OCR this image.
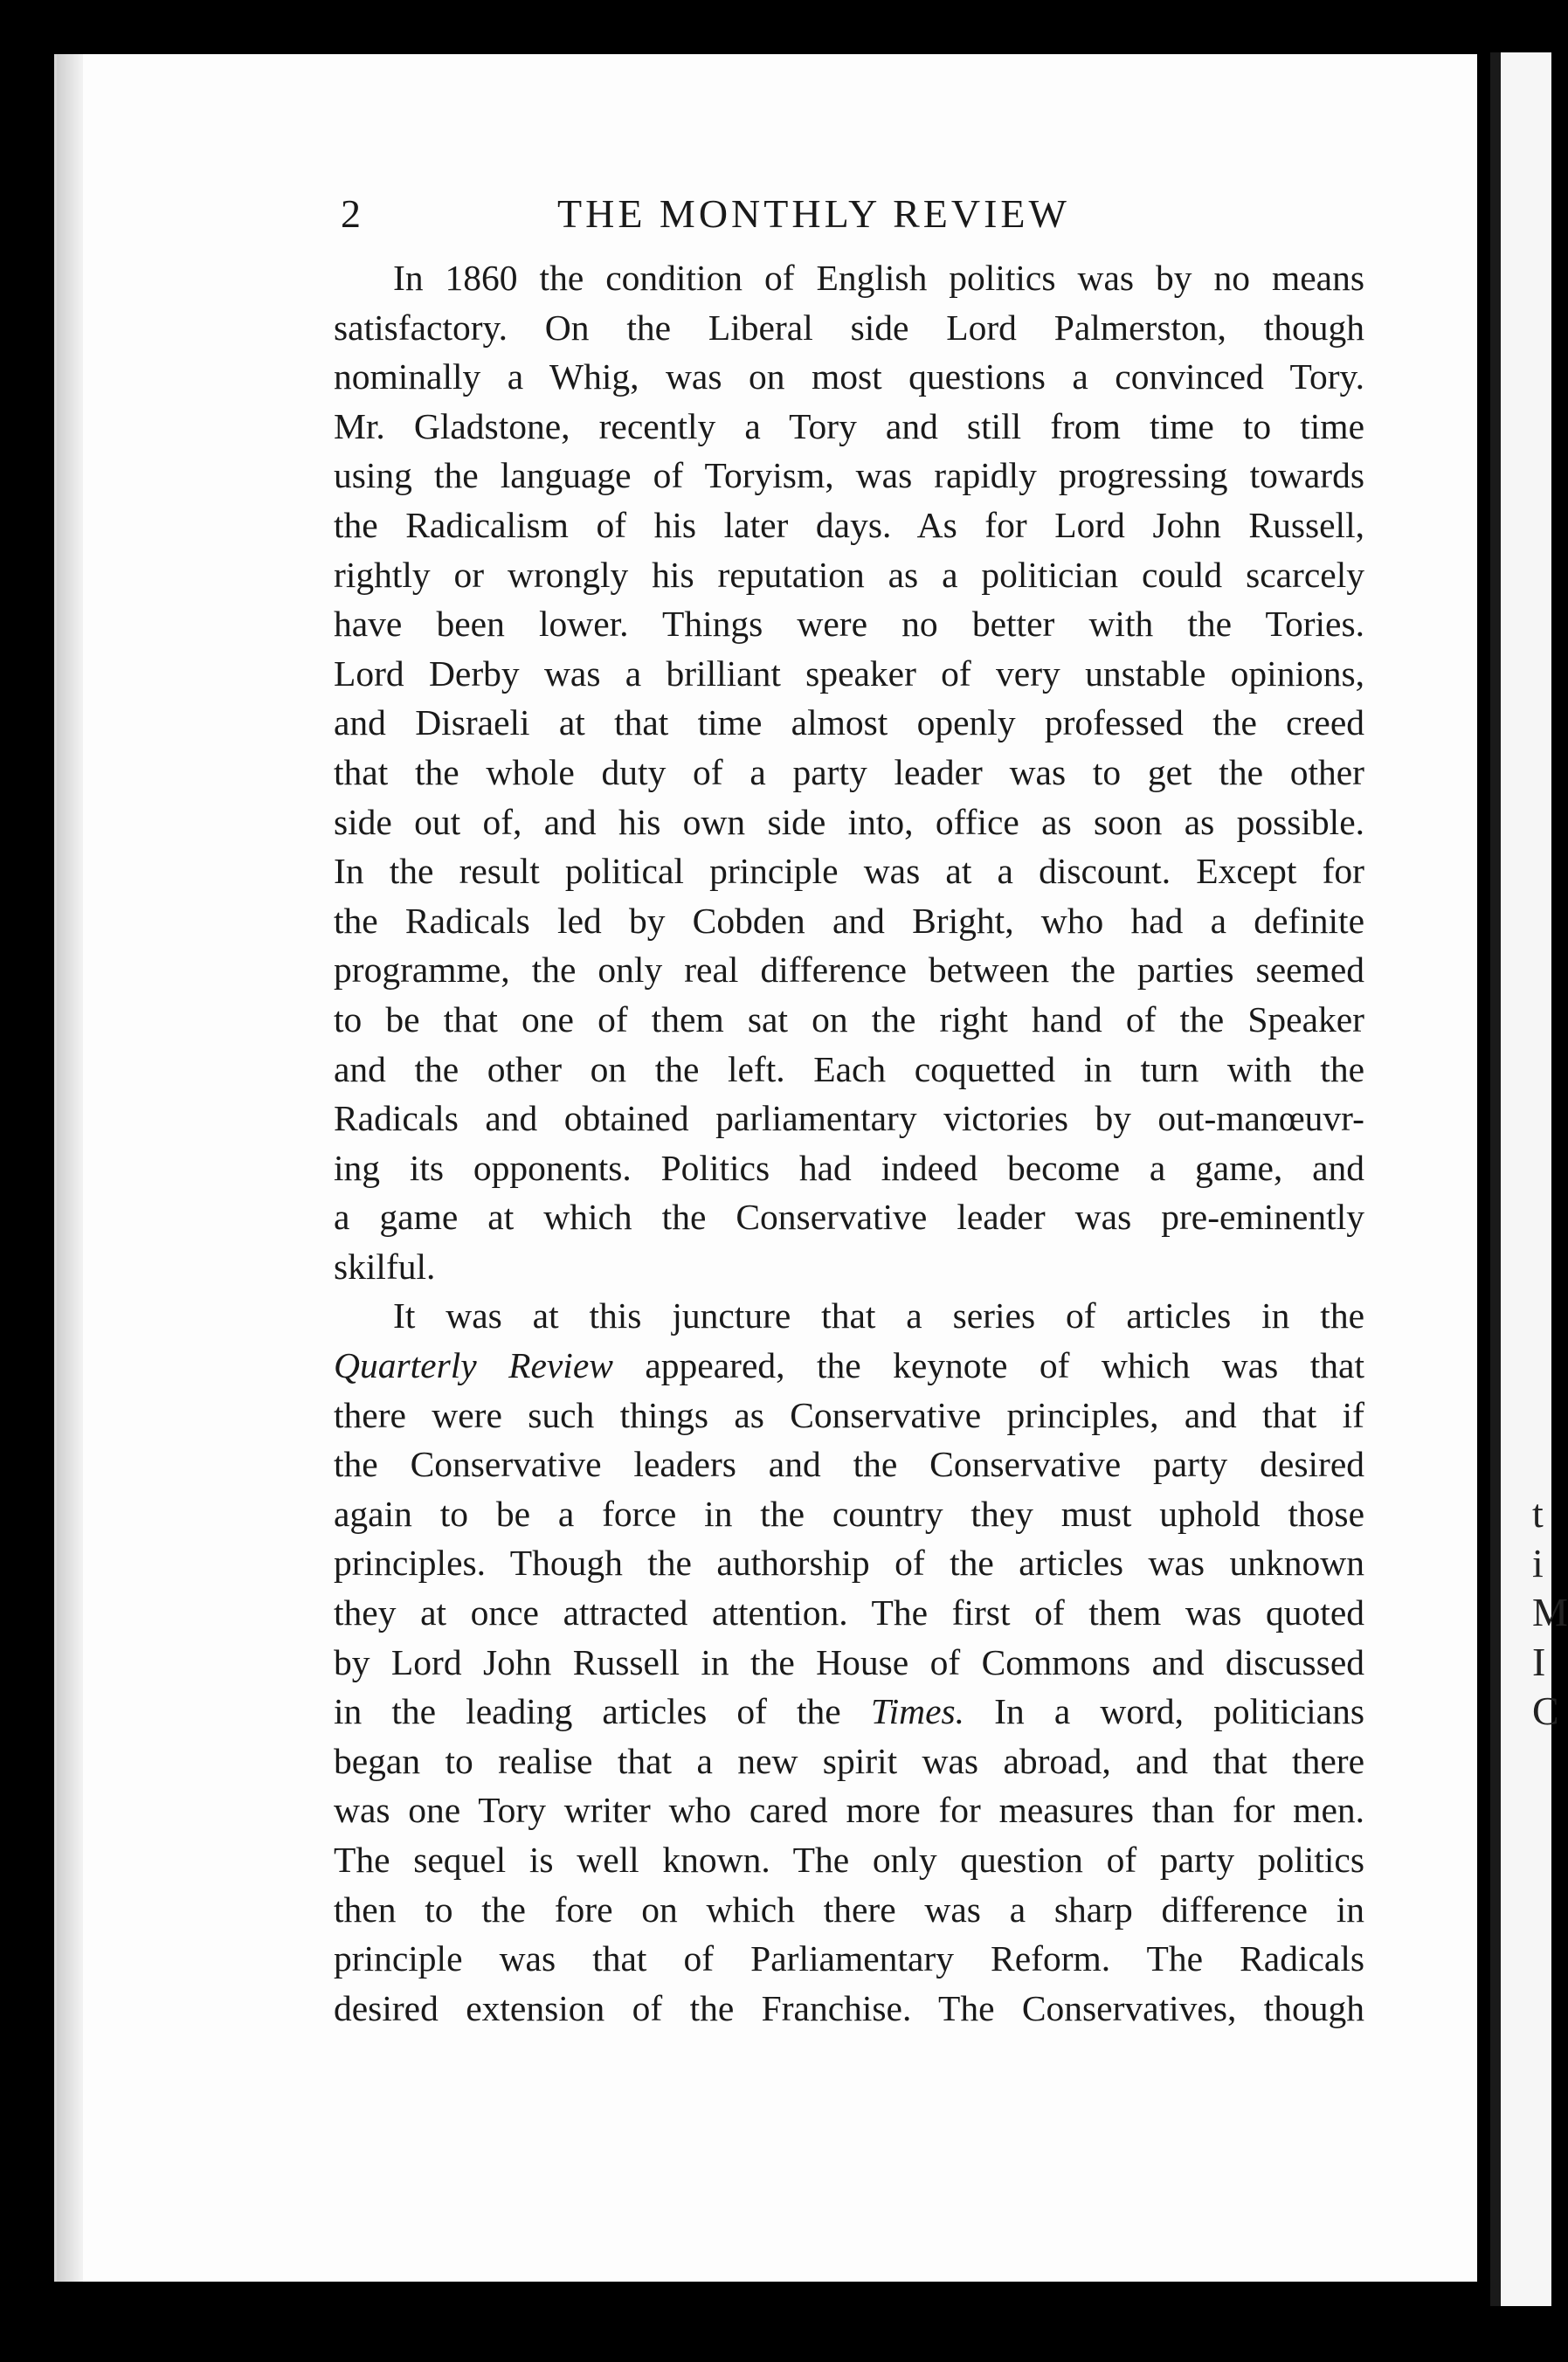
t
i
M
I
C
2	THE MONTHLY REVIEW
In 1860 the condition of English politics was by no means
satisfactory. On the Liberal side Lord Palmerston, though
nominally a Whig, was on most questions a convinced Tory.
Mr. Gladstone, recently a Tory and still from time to time
using the language of Toryism, was rapidly progressing towards
the Radicalism of his later days. As for Lord John Russell,
rightly or wrongly his reputation as a politician could scarcely
have been lower. Things were no better with the Tories.
Lord Derby was a brilliant speaker of very unstable opinions,
and Disraeli at that time almost openly professed the creed
that the whole duty of a party leader was to get the other
side out of, and his own side into, office as soon as possible.
In the result political principle was at a discount. Except for
the Radicals led by Cobden and Bright, who had a definite
programme, the only real difference between the parties seemed
to be that one of them sat on the right hand of the Speaker
and the other on the left. Each coquetted in turn with the
Radicals and obtained parliamentary victories by out-manœuvr-
ing its opponents. Politics had indeed become a game, and
a game at which the Conservative leader was pre-eminently
skilful.
It was at this juncture that a series of articles in the
Quarterly Review appeared, the keynote of which was that
there were such things as Conservative principles, and that if
the Conservative leaders and the Conservative party desired
again to be a force in the country they must uphold those
principles. Though the authorship of the articles was unknown
they at once attracted attention. The first of them was quoted
by Lord John Russell in the House of Commons and discussed
in the leading articles of the Times. In a word, politicians
began to realise that a new spirit was abroad, and that there
was one Tory writer who cared more for measures than for men.
The sequel is well known. The only question of party politics
then to the fore on which there was a sharp difference in
principle was that of Parliamentary Reform. The Radicals
desired extension of the Franchise. The Conservatives, though
